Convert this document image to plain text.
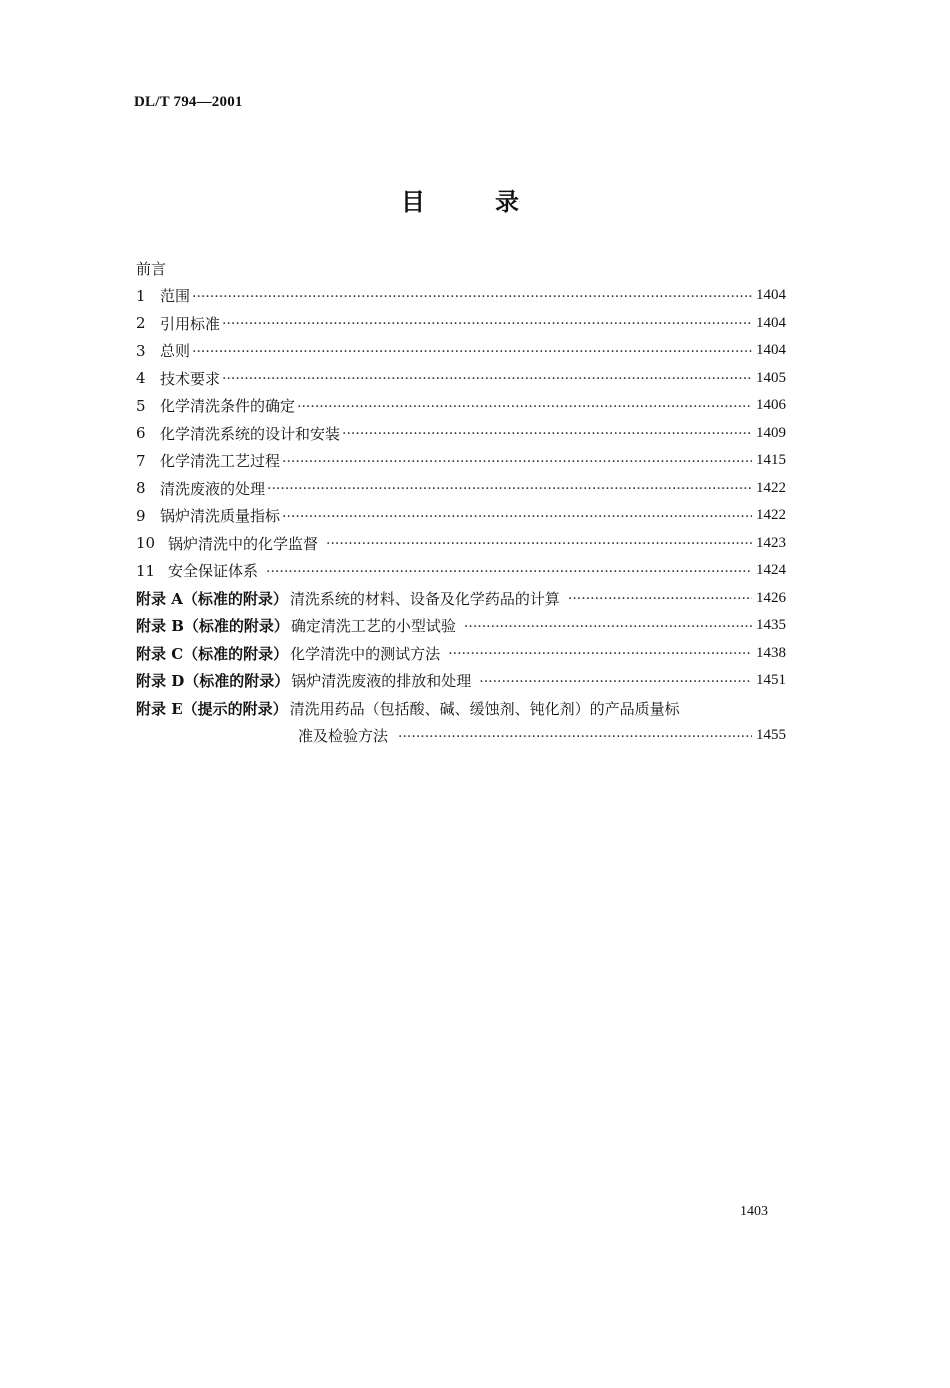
DL/T 794—2001
目	录
前言
1 范围 ·····	1404
2 引用标准 ·····	1404
3 总则 ·····	1404
4 技术要求 ·····	1405
5 化学清洗条件的确定 ·····	1406
6 化学清洗系统的设计和安装 ·····	1409
7 化学清洗工艺过程 ·····	1415
8 清洗废液的处理 ·····	1422
9 锅炉清洗质量指标 ·····	1422
10 锅炉清洗中的化学监督 ·····	1423
11 安全保证体系 ·····	1424
附录 A（标准的附录） 清洗系统的材料、设备及化学药品的计算 ·····	1426
附录 B（标准的附录） 确定清洗工艺的小型试验 ·····	1435
附录 C（标准的附录） 化学清洗中的测试方法 ·····	1438
附录 D（标准的附录） 锅炉清洗废液的排放和处理 ·····	1451
附录 E（提示的附录） 清洗用药品（包括酸、碱、缓蚀剂、钝化剂）的产品质量标
准及检验方法 ·····	1455
1403
